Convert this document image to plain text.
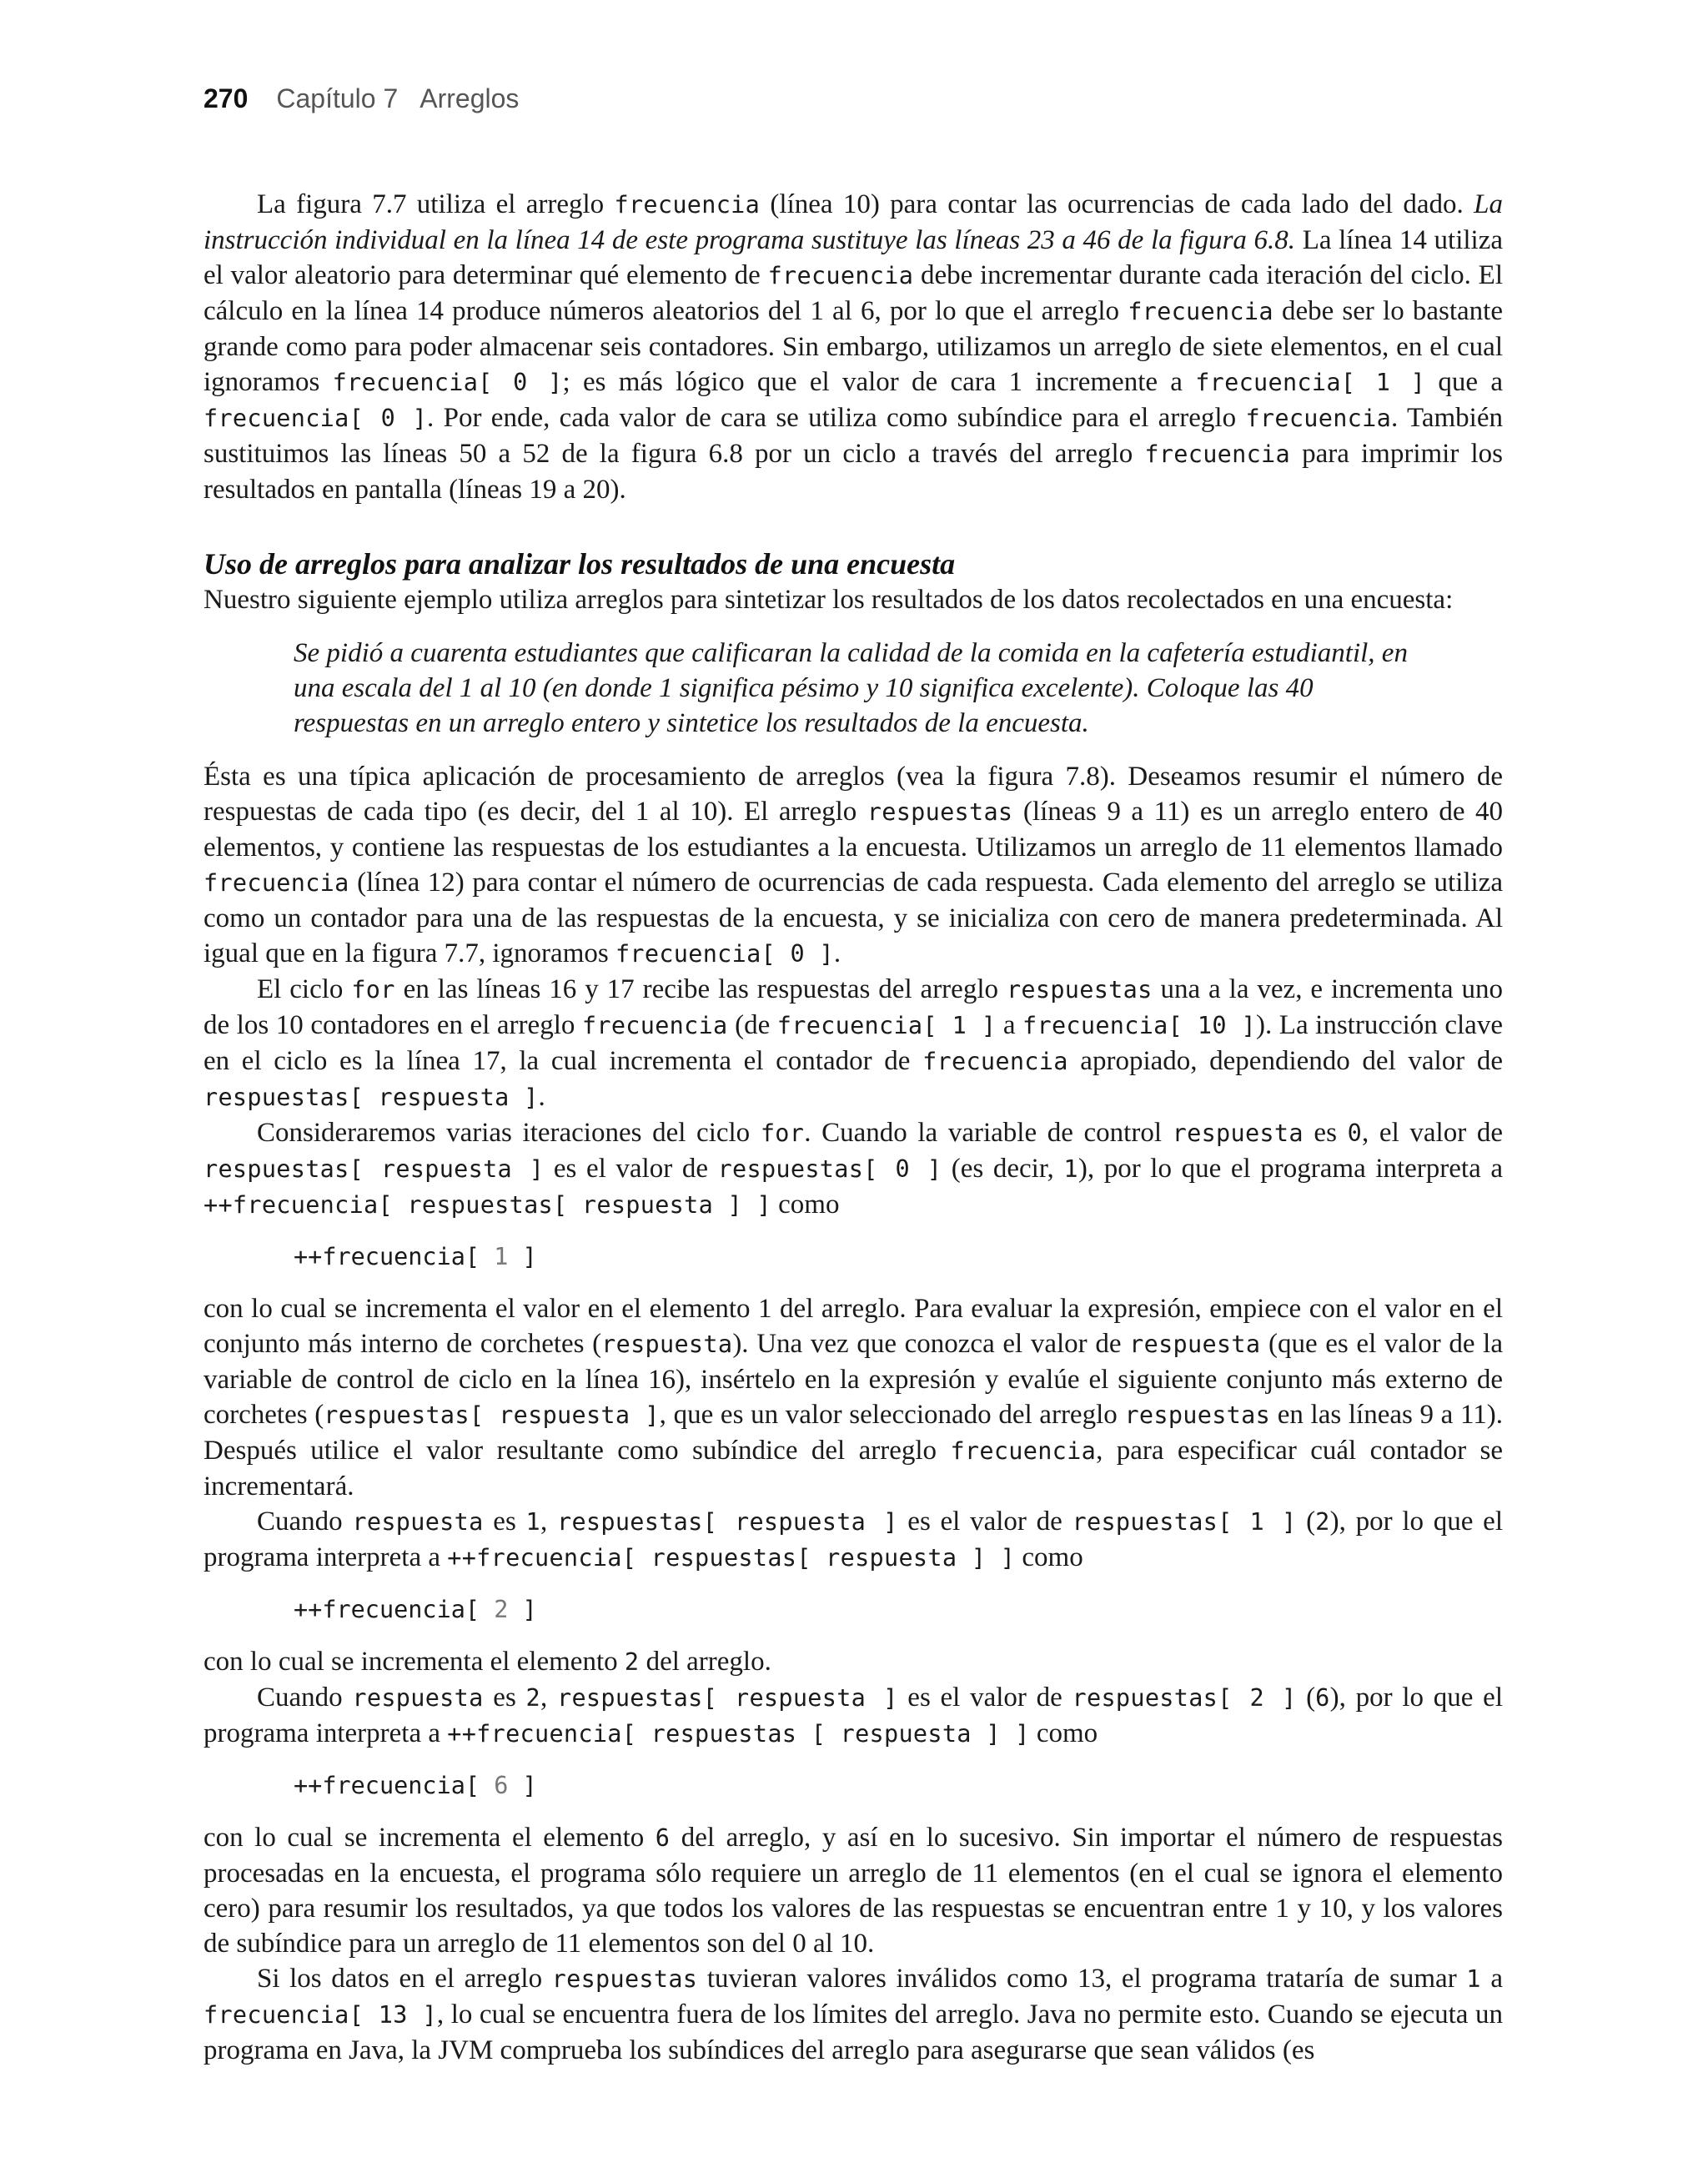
270 Capítulo 7 Arreglos

La figura 7.7 utiliza el arreglo frecuencia (línea 10) para contar las ocurrencias de cada lado del dado. La instrucción individual en la línea 14 de este programa sustituye las líneas 23 a 46 de la figura 6.8. La línea 14 utiliza el valor aleatorio para determinar qué elemento de frecuencia debe incrementar durante cada iteración del ciclo. El cálculo en la línea 14 produce números aleatorios del 1 al 6, por lo que el arreglo frecuencia debe ser lo bastante grande como para poder almacenar seis contadores. Sin embargo, utilizamos un arreglo de siete elementos, en el cual ignoramos frecuencia[ 0 ]; es más lógico que el valor de cara 1 incremente a frecuencia[ 1 ] que a frecuencia[ 0 ]. Por ende, cada valor de cara se utiliza como subíndice para el arreglo frecuencia. También sustituimos las líneas 50 a 52 de la figura 6.8 por un ciclo a través del arreglo frecuencia para imprimir los resultados en pantalla (líneas 19 a 20).

Uso de arreglos para analizar los resultados de una encuesta

Nuestro siguiente ejemplo utiliza arreglos para sintetizar los resultados de los datos recolectados en una encuesta:

Se pidió a cuarenta estudiantes que calificaran la calidad de la comida en la cafetería estudiantil, en una escala del 1 al 10 (en donde 1 significa pésimo y 10 significa excelente). Coloque las 40 respuestas en un arreglo entero y sintetice los resultados de la encuesta.

Ésta es una típica aplicación de procesamiento de arreglos (vea la figura 7.8). Deseamos resumir el número de respuestas de cada tipo (es decir, del 1 al 10). El arreglo respuestas (líneas 9 a 11) es un arreglo entero de 40 elementos, y contiene las respuestas de los estudiantes a la encuesta. Utilizamos un arreglo de 11 elementos llamado frecuencia (línea 12) para contar el número de ocurrencias de cada respuesta. Cada elemento del arreglo se utiliza como un contador para una de las respuestas de la encuesta, y se inicializa con cero de manera predeterminada. Al igual que en la figura 7.7, ignoramos frecuencia[ 0 ].

El ciclo for en las líneas 16 y 17 recibe las respuestas del arreglo respuestas una a la vez, e incrementa uno de los 10 contadores en el arreglo frecuencia (de frecuencia[ 1 ] a frecuencia[ 10 ]). La instrucción clave en el ciclo es la línea 17, la cual incrementa el contador de frecuencia apropiado, dependiendo del valor de respuestas[ respuesta ].

Consideraremos varias iteraciones del ciclo for. Cuando la variable de control respuesta es 0, el valor de respuestas[ respuesta ] es el valor de respuestas[ 0 ] (es decir, 1), por lo que el programa interpreta a ++frecuencia[ respuestas[ respuesta ] ] como

++frecuencia[ 1 ]

con lo cual se incrementa el valor en el elemento 1 del arreglo. Para evaluar la expresión, empiece con el valor en el conjunto más interno de corchetes (respuesta). Una vez que conozca el valor de respuesta (que es el valor de la variable de control de ciclo en la línea 16), insértelo en la expresión y evalúe el siguiente conjunto más externo de corchetes (respuestas[ respuesta ], que es un valor seleccionado del arreglo respuestas en las líneas 9 a 11). Después utilice el valor resultante como subíndice del arreglo frecuencia, para especificar cuál contador se incrementará.

Cuando respuesta es 1, respuestas[ respuesta ] es el valor de respuestas[ 1 ] (2), por lo que el programa interpreta a ++frecuencia[ respuestas[ respuesta ] ] como

++frecuencia[ 2 ]

con lo cual se incrementa el elemento 2 del arreglo.

Cuando respuesta es 2, respuestas[ respuesta ] es el valor de respuestas[ 2 ] (6), por lo que el programa interpreta a ++frecuencia[ respuestas [ respuesta ] ] como

++frecuencia[ 6 ]

con lo cual se incrementa el elemento 6 del arreglo, y así en lo sucesivo. Sin importar el número de respuestas procesadas en la encuesta, el programa sólo requiere un arreglo de 11 elementos (en el cual se ignora el elemento cero) para resumir los resultados, ya que todos los valores de las respuestas se encuentran entre 1 y 10, y los valores de subíndice para un arreglo de 11 elementos son del 0 al 10.

Si los datos en el arreglo respuestas tuvieran valores inválidos como 13, el programa trataría de sumar 1 a frecuencia[ 13 ], lo cual se encuentra fuera de los límites del arreglo. Java no permite esto. Cuando se ejecuta un programa en Java, la JVM comprueba los subíndices del arreglo para asegurarse que sean válidos (es
